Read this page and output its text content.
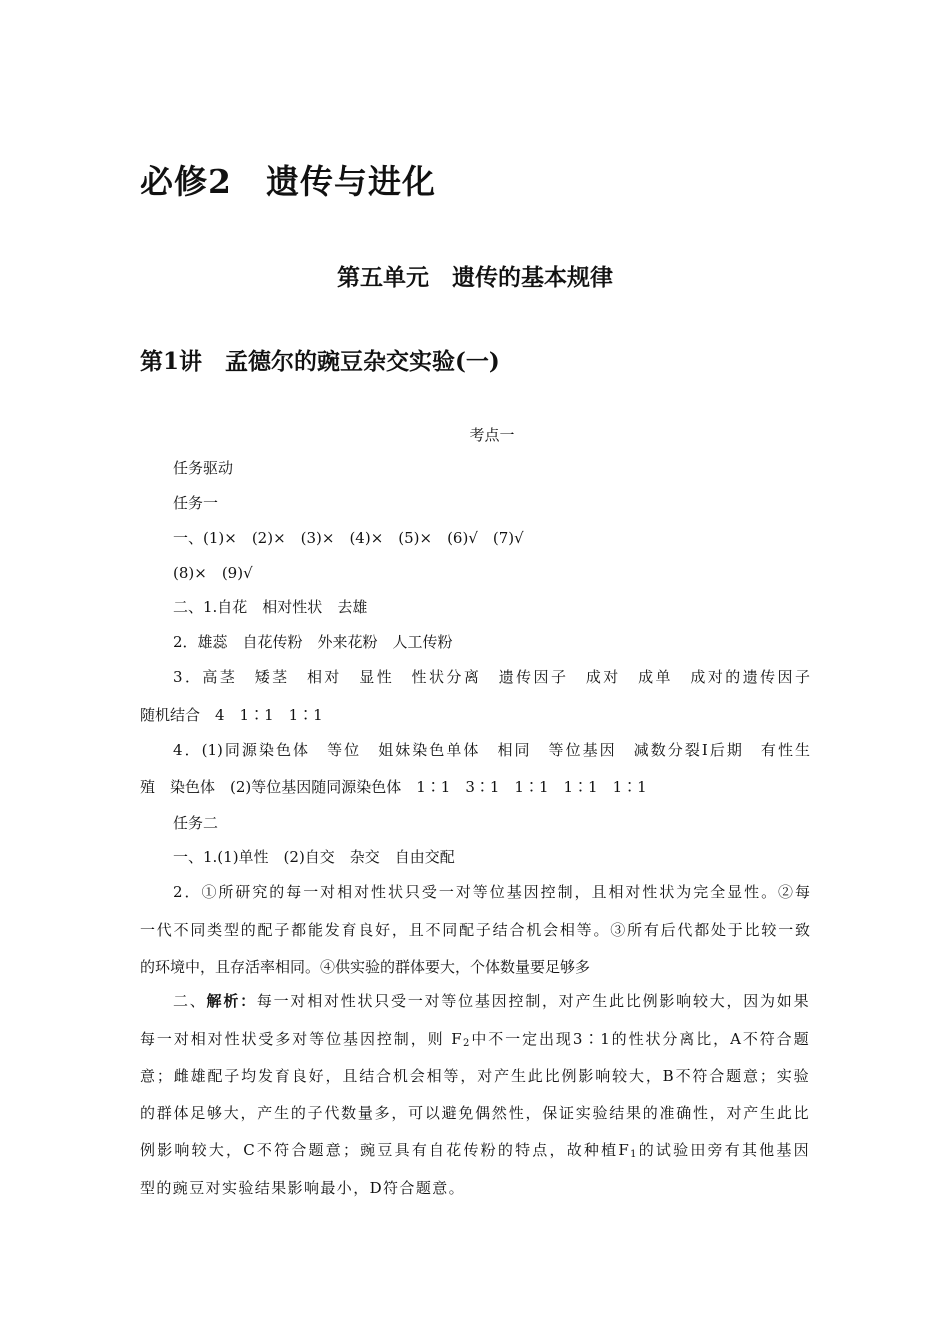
必修2　遗传与进化
第五单元　遗传的基本规律
第1讲　孟德尔的豌豆杂交实验(一)
考点一
任务驱动
任务一
一、(1)×　(2)×　(3)×　(4)×　(5)×　(6)√　(7)√
(8)×　(9)√
二、1.自花　相对性状　去雄
2．雄蕊　自花传粉　外来花粉　人工传粉
3．高茎　矮茎　相对　显性　性状分离　遗传因子　成对　成单　成对的遗传因子
随机结合　4　1∶1　1∶1
4．(1)同源染色体　等位　姐妹染色单体　相同　等位基因　减数分裂Ⅰ后期　有性生
殖　染色体　(2)等位基因随同源染色体　1∶1　3∶1　1∶1　1∶1　1∶1
任务二
一、1.(1)单性　(2)自交　杂交　自由交配
2．①所研究的每一对相对性状只受一对等位基因控制，且相对性状为完全显性。②每
一代不同类型的配子都能发育良好，且不同配子结合机会相等。③所有后代都处于比较一致
的环境中，且存活率相同。④供实验的群体要大，个体数量要足够多
二、解析：每一对相对性状只受一对等位基因控制，对产生此比例影响较大，因为如果
每一对相对性状受多对等位基因控制，则 $F_2$中不一定出现3∶1的性状分离比，A不符合题
意；雌雄配子均发育良好，且结合机会相等，对产生此比例影响较大，B不符合题意；实验
的群体足够大，产生的子代数量多，可以避免偶然性，保证实验结果的准确性，对产生此比
例影响较大，C不符合题意；豌豆具有自花传粉的特点，故种植$F_1$的试验田旁有其他基因
型的豌豆对实验结果影响最小，D符合题意。
